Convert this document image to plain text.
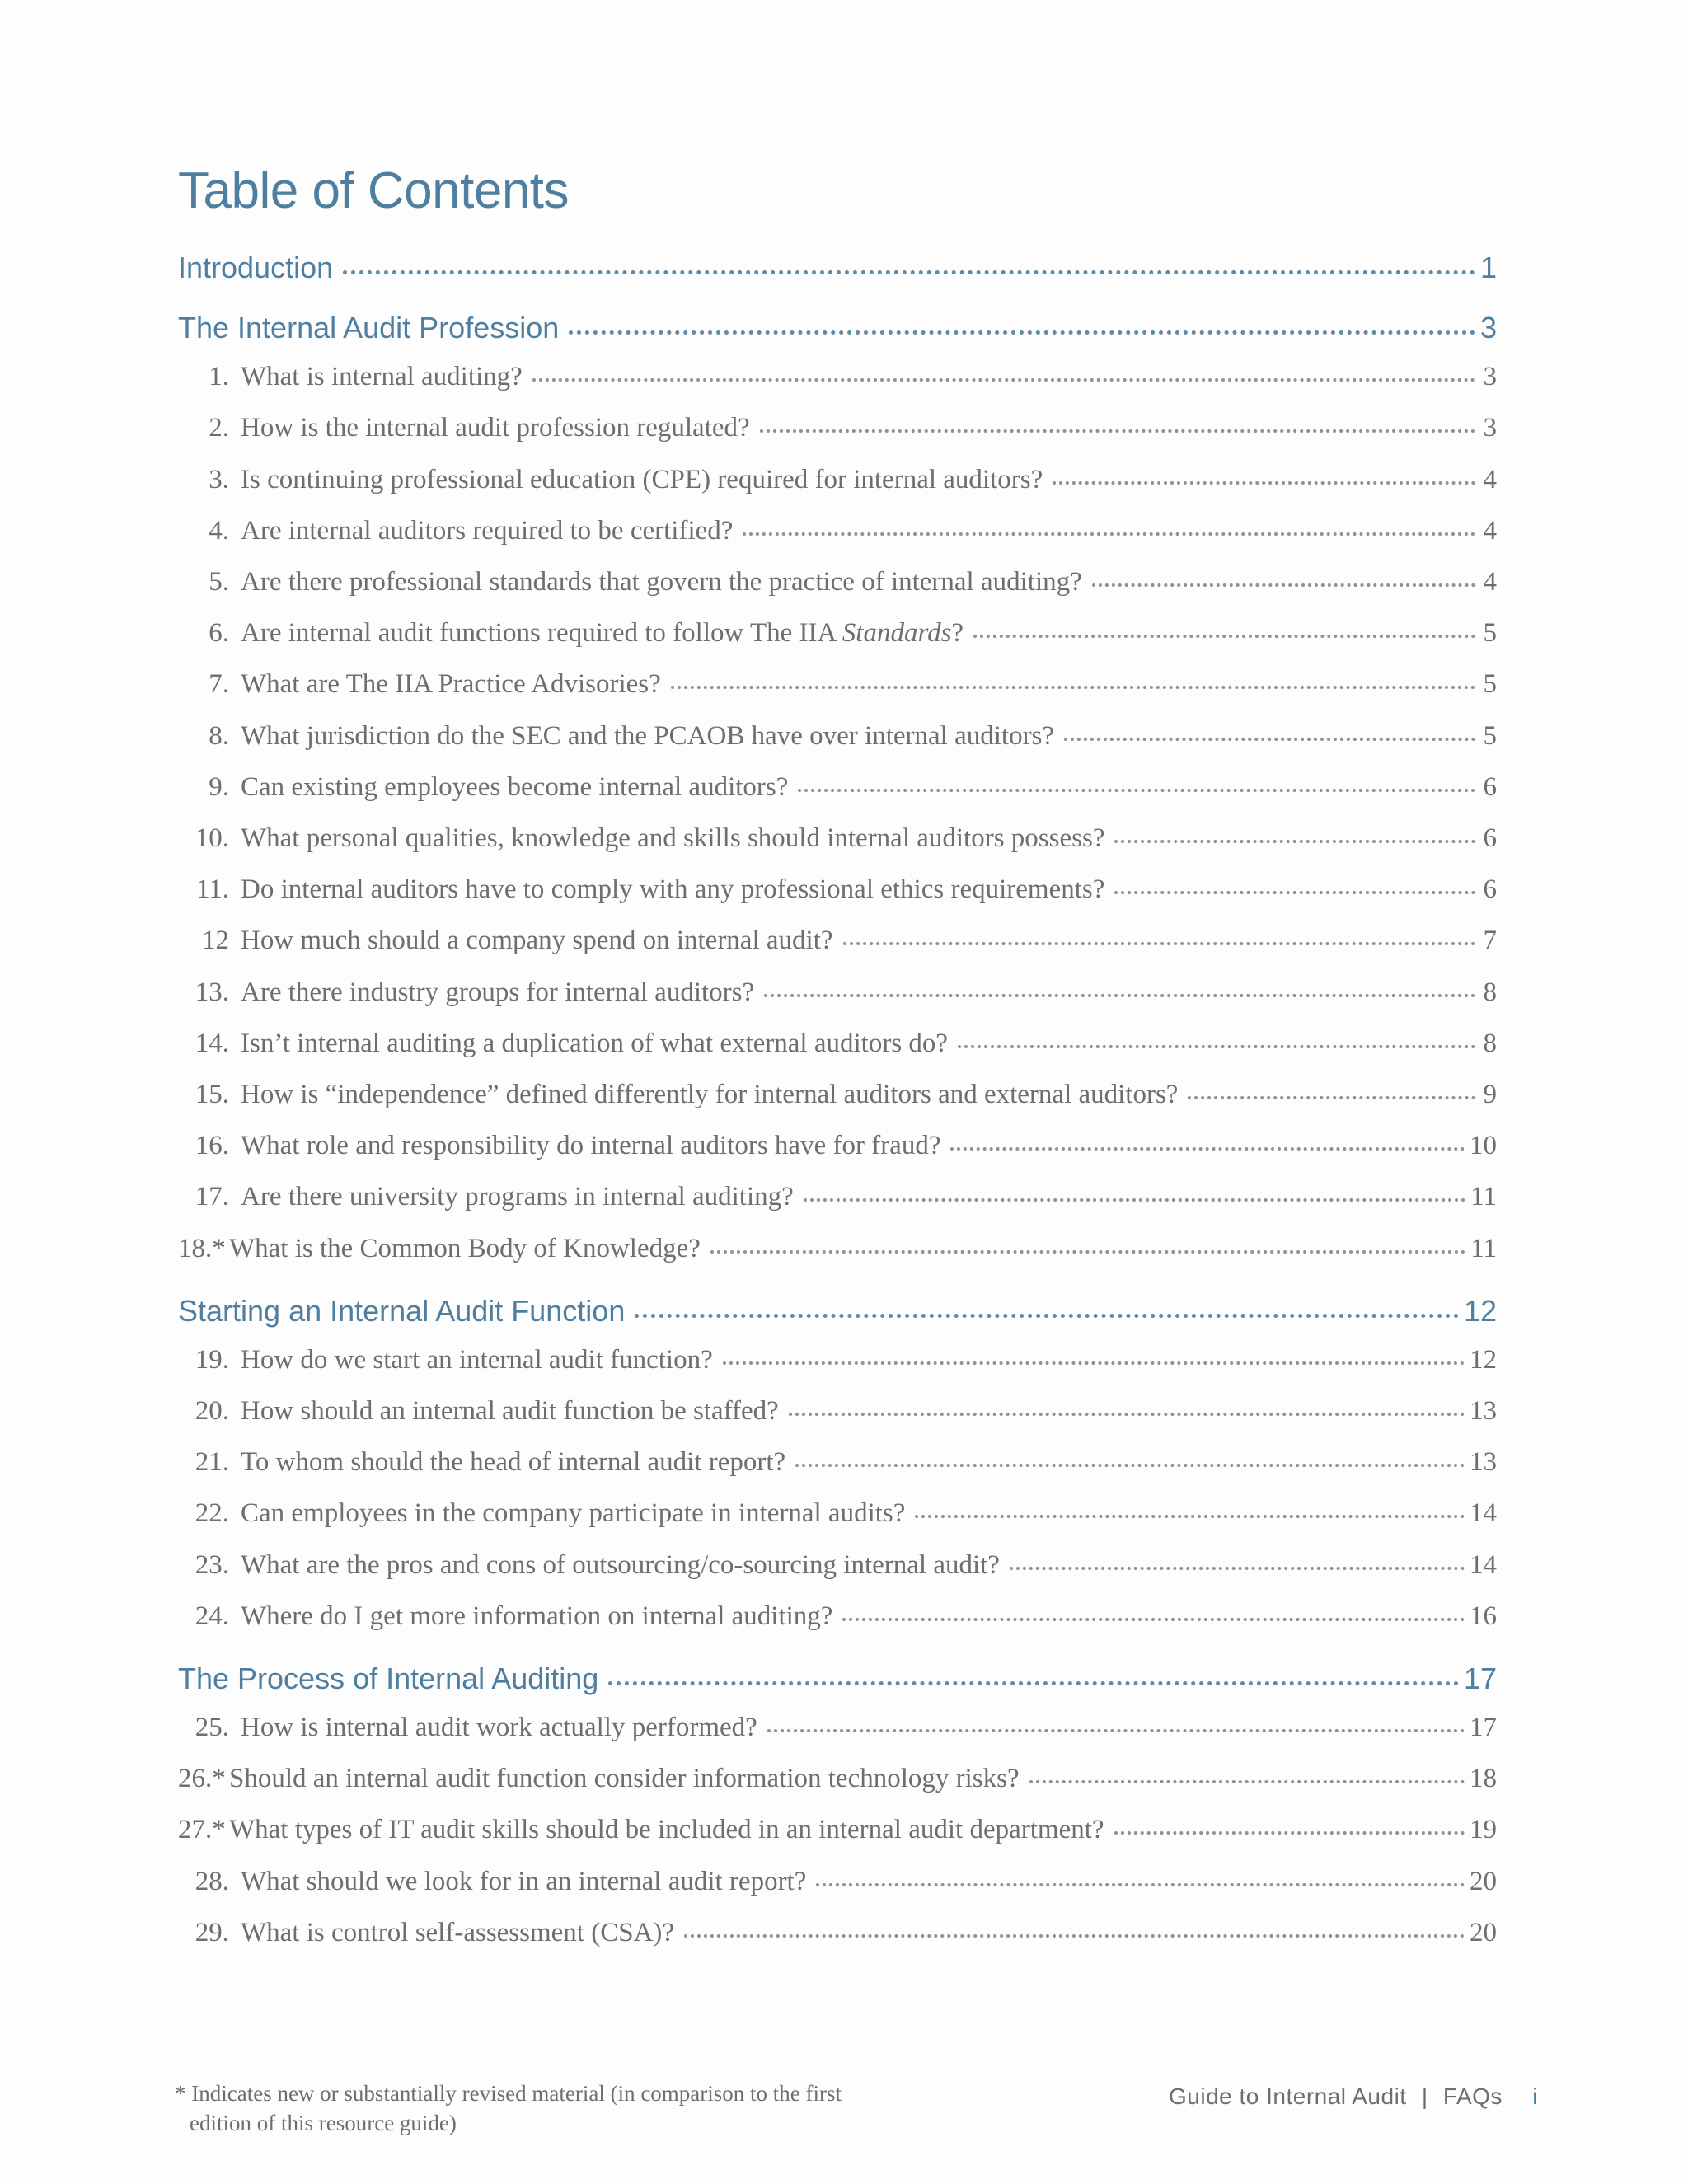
Table of Contents
Introduction	1
The Internal Audit Profession	3
1. What is internal auditing?	3
2. How is the internal audit profession regulated?	3
3. Is continuing professional education (CPE) required for internal auditors?	4
4. Are internal auditors required to be certified?	4
5. Are there professional standards that govern the practice of internal auditing?	4
6. Are internal audit functions required to follow The IIA Standards?	5
7. What are The IIA Practice Advisories?	5
8. What jurisdiction do the SEC and the PCAOB have over internal auditors?	5
9. Can existing employees become internal auditors?	6
10. What personal qualities, knowledge and skills should internal auditors possess?	6
11. Do internal auditors have to comply with any professional ethics requirements?	6
12 How much should a company spend on internal audit?	7
13. Are there industry groups for internal auditors?	8
14. Isn’t internal auditing a duplication of what external auditors do?	8
15. How is “independence” defined differently for internal auditors and external auditors?	9
16. What role and responsibility do internal auditors have for fraud?	10
17. Are there university programs in internal auditing?	11
18.* What is the Common Body of Knowledge?	11
Starting an Internal Audit Function	12
19. How do we start an internal audit function?	12
20. How should an internal audit function be staffed?	13
21. To whom should the head of internal audit report?	13
22. Can employees in the company participate in internal audits?	14
23. What are the pros and cons of outsourcing/co-sourcing internal audit?	14
24. Where do I get more information on internal auditing?	16
The Process of Internal Auditing	17
25. How is internal audit work actually performed?	17
26.* Should an internal audit function consider information technology risks?	18
27.* What types of IT audit skills should be included in an internal audit department?	19
28. What should we look for in an internal audit report?	20
29. What is control self-assessment (CSA)?	20
* Indicates new or substantially revised material (in comparison to the first
edition of this resource guide)
Guide to Internal Audit | FAQs i
